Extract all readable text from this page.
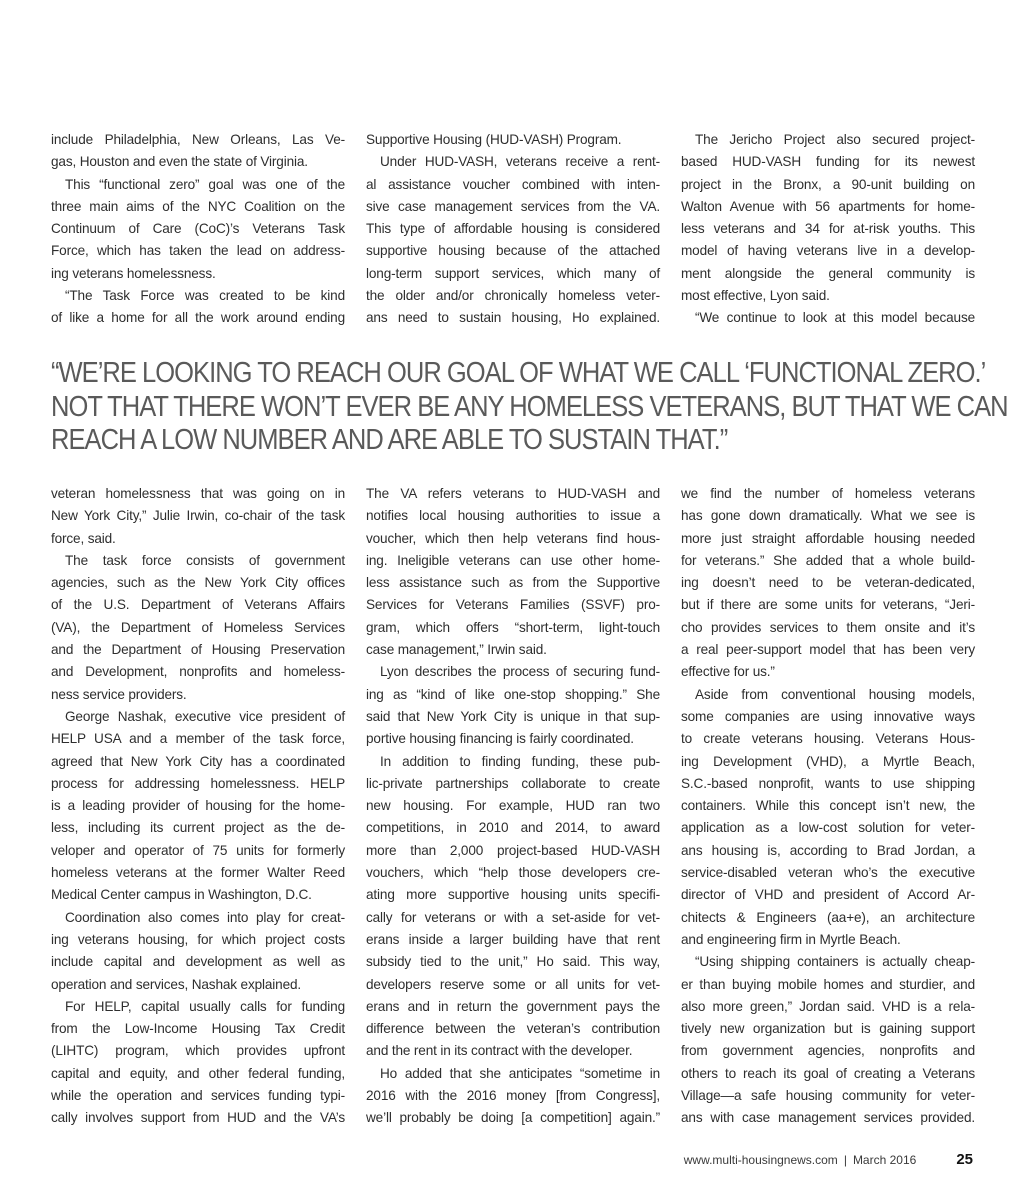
include Philadelphia, New Orleans, Las Ve-

gas, Houston and even the state of Virginia.

This “functional zero” goal was one of the

three main aims of the NYC Coalition on the

Continuum of Care (CoC)’s Veterans Task

Force, which has taken the lead on address-

ing veterans homelessness.

“The Task Force was created to be kind

of like a home for all the work around ending

Supportive Housing (HUD-VASH) Program.

Under HUD-VASH, veterans receive a rent-

al assistance voucher combined with inten-

sive case management services from the VA.

This type of affordable housing is considered

supportive housing because of the attached

long-term support services, which many of

the older and/or chronically homeless veter-

ans need to sustain housing, Ho explained.

The Jericho Project also secured project-

based HUD-VASH funding for its newest

project in the Bronx, a 90-unit building on

Walton Avenue with 56 apartments for home-

less veterans and 34 for at-risk youths. This

model of having veterans live in a develop-

ment alongside the general community is

most effective, Lyon said.

“We continue to look at this model because

“WE’RE LOOKING TO REACH OUR GOAL OF WHAT WE CALL ‘FUNCTIONAL ZERO.’
NOT THAT THERE WON’T EVER BE ANY HOMELESS VETERANS, BUT THAT WE CAN
REACH A LOW NUMBER AND ARE ABLE TO SUSTAIN THAT.”

veteran homelessness that was going on in

New York City,” Julie Irwin, co-chair of the task

force, said.

The task force consists of government

agencies, such as the New York City offices

of the U.S. Department of Veterans Affairs

(VA), the Department of Homeless Services

and the Department of Housing Preservation

and Development, nonprofits and homeless-

ness service providers.

George Nashak, executive vice president of

HELP USA and a member of the task force,

agreed that New York City has a coordinated

process for addressing homelessness. HELP

is a leading provider of housing for the home-

less, including its current project as the de-

veloper and operator of 75 units for formerly

homeless veterans at the former Walter Reed

Medical Center campus in Washington, D.C.

Coordination also comes into play for creat-

ing veterans housing, for which project costs

include capital and development as well as

operation and services, Nashak explained.

For HELP, capital usually calls for funding

from the Low-Income Housing Tax Credit

(LIHTC) program, which provides upfront

capital and equity, and other federal funding,

while the operation and services funding typi-

cally involves support from HUD and the VA’s

The VA refers veterans to HUD-VASH and

notifies local housing authorities to issue a

voucher, which then help veterans find hous-

ing. Ineligible veterans can use other home-

less assistance such as from the Supportive

Services for Veterans Families (SSVF) pro-

gram, which offers “short-term, light-touch

case management,” Irwin said.

Lyon describes the process of securing fund-

ing as “kind of like one-stop shopping.” She

said that New York City is unique in that sup-

portive housing financing is fairly coordinated.

In addition to finding funding, these pub-

lic-private partnerships collaborate to create

new housing. For example, HUD ran two

competitions, in 2010 and 2014, to award

more than 2,000 project-based HUD-VASH

vouchers, which “help those developers cre-

ating more supportive housing units specifi-

cally for veterans or with a set-aside for vet-

erans inside a larger building have that rent

subsidy tied to the unit,” Ho said. This way,

developers reserve some or all units for vet-

erans and in return the government pays the

difference between the veteran’s contribution

and the rent in its contract with the developer.

Ho added that she anticipates “sometime in

2016 with the 2016 money [from Congress],

we’ll probably be doing [a competition] again.”

we find the number of homeless veterans

has gone down dramatically. What we see is

more just straight affordable housing needed

for veterans.” She added that a whole build-

ing doesn’t need to be veteran-dedicated,

but if there are some units for veterans, “Jeri-

cho provides services to them onsite and it’s

a real peer-support model that has been very

effective for us.”

Aside from conventional housing models,

some companies are using innovative ways

to create veterans housing. Veterans Hous-

ing Development (VHD), a Myrtle Beach,

S.C.-based nonprofit, wants to use shipping

containers. While this concept isn’t new, the

application as a low-cost solution for veter-

ans housing is, according to Brad Jordan, a

service-disabled veteran who’s the executive

director of VHD and president of Accord Ar-

chitects & Engineers (aa+e), an architecture

and engineering firm in Myrtle Beach.

“Using shipping containers is actually cheap-

er than buying mobile homes and sturdier, and

also more green,” Jordan said. VHD is a rela-

tively new organization but is gaining support

from government agencies, nonprofits and

others to reach its goal of creating a Veterans

Village—a safe housing community for veter-

ans with case management services provided.

www.multi-housingnews.com | March 2016	25
